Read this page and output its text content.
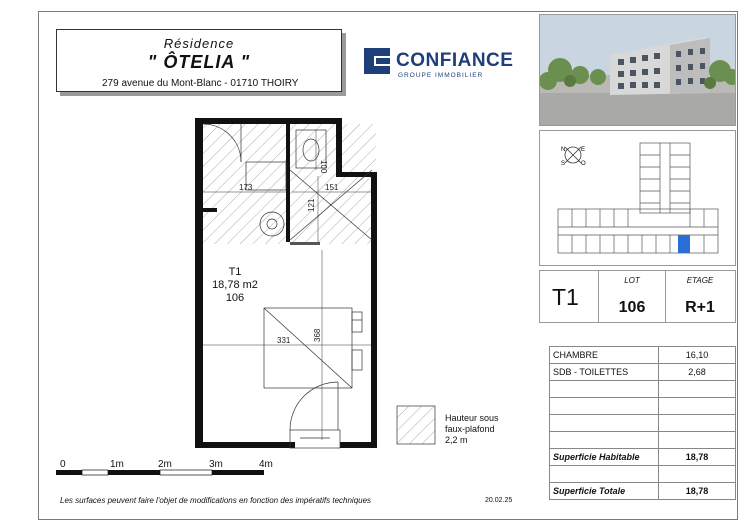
Résidence
" ÔTELIA "
279 avenue du Mont-Blanc - 01710 THOIRY
CONFIANCE
GROUPE IMMOBILIER
N	E
S	O
173	151
100
121
331	368
T1
18,78 m2
106
0	1m	2m	3m	4m
Hauteur sous
faux-plafond
2,2 m
T1
LOT	ETAGE
106	R+1
CHAMBRE	16,10
SDB - TOILETTES	2,68

Superficie Habitable	18,78

Superficie Totale	18,78
Les surfaces peuvent faire l'objet de modifications en fonction des impératifs techniques	20.02.25
